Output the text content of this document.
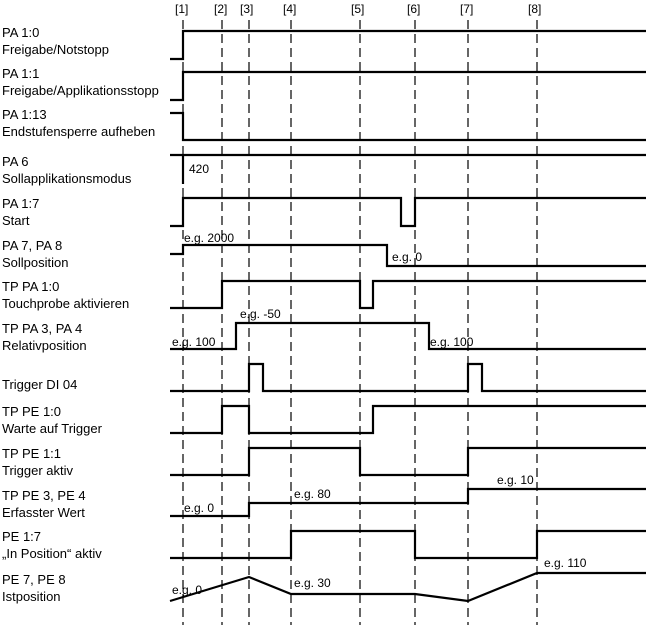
[1] [2] [3] [4]	[5]	[6]	[7]	[8]
PA 1:0
Freigabe/Notstopp
PA 1:1
Freigabe/Applikationsstopp
PA 1:13
Endstufensperre aufheben
PA 6
Sollapplikationsmodus
PA 1:7
Start
PA 7, PA 8
Sollposition
TP PA 1:0
Touchprobe aktivieren
TP PA 3, PA 4
Relativposition
Trigger DI 04
TP PE 1:0
Warte auf Trigger
TP PE 1:1
Trigger aktiv
TP PE 3, PE 4
Erfasster Wert
PE 1:7
„In Position“ aktiv
PE 7, PE 8
Istposition
420
e.g. 2000
e.g. 0
e.g. 100
e.g. -50
e.g. 100
e.g. 0
e.g. 80
e.g. 10
e.g. 0	e.g. 30
e.g. 110
